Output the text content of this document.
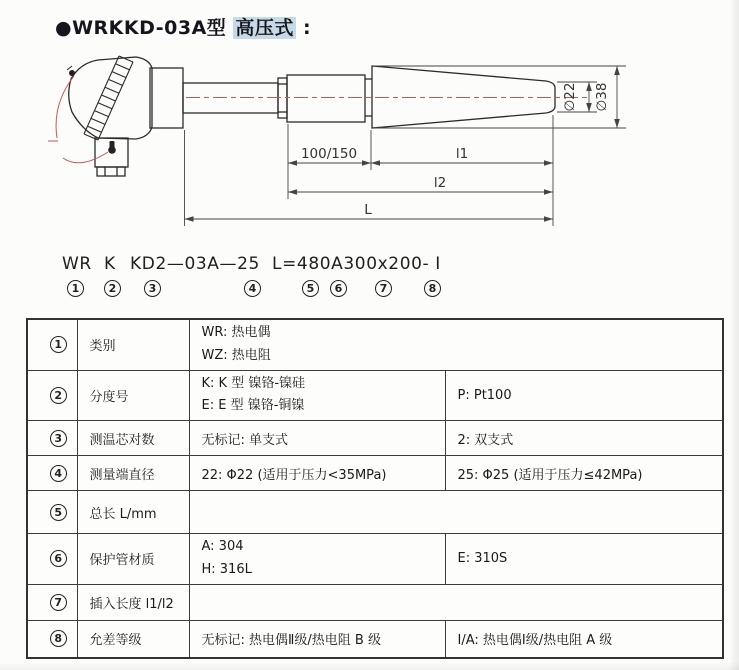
●WRKKD-03A型 高压式 :
100/150	l1
l2
L
∅22 ∅38
WR K KD2—03A—25 L=480A300x200- Ⅰ
1	2	3	4	5	6	7	8
1	类别	WR: 热电偶
WZ: 热电阻	

2	分度号	K: K 型 镍铬-镍硅
E: E 型 镍铬-铜镍	P: Pt100
3	测温芯对数	无标记: 单支式	2: 双支式
4	测量端直径	22: Φ22 (适用于压力<35MPa)	25: Φ25 (适用于压力≤42MPa)
5	总长 L/mm		
6	保护管材质	A: 304
H: 316L	E: 310S
7	插入长度 l1/l2		
8	允差等级	无标记: 热电偶Ⅱ级/热电阻 B 级	Ⅰ/A: 热电偶Ⅰ级/热电阻 A 级
